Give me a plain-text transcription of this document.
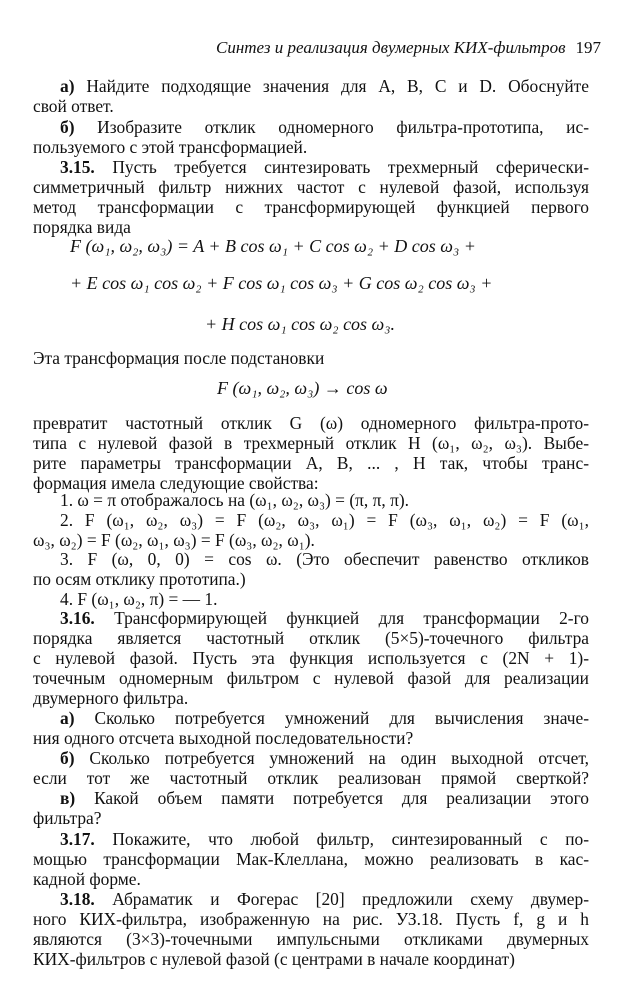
Синтез и реализация двумерных КИХ-фильтров 197
а) Найдите подходящие значения для A, B, C и D. Обоснуйте
свой ответ.
б) Изобразите отклик одномерного фильтра-прототипа, ис-
пользуемого с этой трансформацией.
3.15. Пусть требуется синтезировать трехмерный сферически-
симметричный фильтр нижних частот с нулевой фазой, используя
метод трансформации с трансформирующей функцией первого
порядка вида
F (ω₁, ω₂, ω₃) = A + B cos ω₁ + C cos ω₂ + D cos ω₃ +
+ E cos ω₁ cos ω₂ + F cos ω₁ cos ω₃ + G cos ω₂ cos ω₃ +
+ H cos ω₁ cos ω₂ cos ω₃.
Эта трансформация после подстановки
F (ω₁, ω₂, ω₃) → cos ω
превратит частотный отклик G (ω) одномерного фильтра-прото-
типа с нулевой фазой в трехмерный отклик H (ω₁, ω₂, ω₃). Выбе-
рите параметры трансформации A, B, ... , H так, чтобы транс-
формация имела следующие свойства:
1. ω = π отображалось на (ω₁, ω₂, ω₃) = (π, π, π).
2. F (ω₁, ω₂, ω₃) = F (ω₂, ω₃, ω₁) = F (ω₃, ω₁, ω₂) = F (ω₁,
ω₃, ω₂) = F (ω₂, ω₁, ω₃) = F (ω₃, ω₂, ω₁).
3. F (ω, 0, 0) = cos ω. (Это обеспечит равенство откликов
по осям отклику прототипа.)
4. F (ω₁, ω₂, π) = — 1.
3.16. Трансформирующей функцией для трансформации 2-го
порядка является частотный отклик (5×5)-точечного фильтра
с нулевой фазой. Пусть эта функция используется с (2N + 1)-
точечным одномерным фильтром с нулевой фазой для реализации
двумерного фильтра.
а) Сколько потребуется умножений для вычисления значе-
ния одного отсчета выходной последовательности?
б) Сколько потребуется умножений на один выходной отсчет,
если тот же частотный отклик реализован прямой сверткой?
в) Какой объем памяти потребуется для реализации этого
фильтра?
3.17. Покажите, что любой фильтр, синтезированный с по-
мощью трансформации Мак-Клеллана, можно реализовать в кас-
кадной форме.
3.18. Абраматик и Фогерас [20] предложили схему двумер-
ного КИХ-фильтра, изображенную на рис. УЗ.18. Пусть f, g и h
являются (3×3)-точечными импульсными откликами двумерных
КИХ-фильтров с нулевой фазой (с центрами в начале координат)
